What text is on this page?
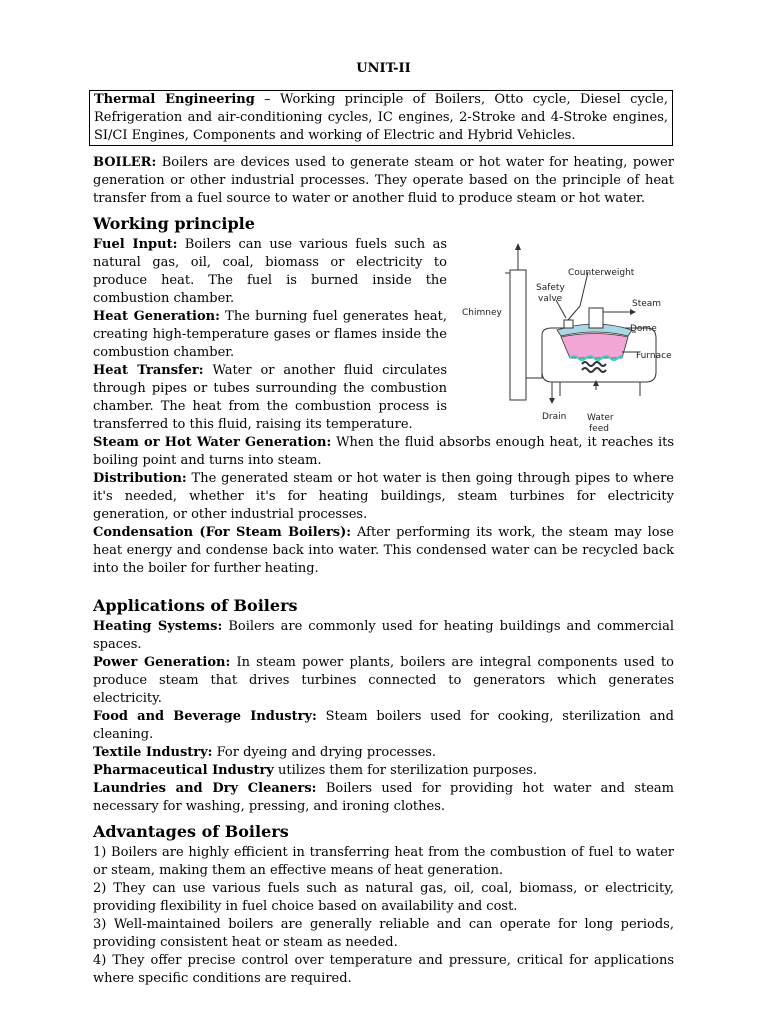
UNIT-II
Thermal Engineering – Working principle of Boilers, Otto cycle, Diesel cycle, Refrigeration and air-conditioning cycles, IC engines, 2-Stroke and 4-Stroke engines, SI/CI Engines, Components and working of Electric and Hybrid Vehicles.

BOILER: Boilers are devices used to generate steam or hot water for heating, power generation or other industrial processes. They operate based on the principle of heat transfer from a fuel source to water or another fluid to produce steam or hot water.

Working principle

Fuel Input: Boilers can use various fuels such as natural gas, oil, coal, biomass or electricity to produce heat. The fuel is burned inside the combustion chamber.

Heat Generation: The burning fuel generates heat, creating high-temperature gases or flames inside the combustion chamber.

Heat Transfer: Water or another fluid circulates through pipes or tubes surrounding the combustion chamber. The heat from the combustion process is transferred to this fluid, raising its temperature.

Counterweight
Safety
valve	Steam
Chimney
Dome
Furnace
Drain Water
feed

Steam or Hot Water Generation: When the fluid absorbs enough heat, it reaches its boiling point and turns into steam.

Distribution: The generated steam or hot water is then going through pipes to where it's needed, whether it's for heating buildings, steam turbines for electricity generation, or other industrial processes.

Condensation (For Steam Boilers): After performing its work, the steam may lose heat energy and condense back into water. This condensed water can be recycled back into the boiler for further heating.

Applications of Boilers

Heating Systems: Boilers are commonly used for heating buildings and commercial spaces.

Power Generation: In steam power plants, boilers are integral components used to produce steam that drives turbines connected to generators which generates electricity.

Food and Beverage Industry: Steam boilers used for cooking, sterilization and cleaning.

Textile Industry: For dyeing and drying processes.

Pharmaceutical Industry utilizes them for sterilization purposes.

Laundries and Dry Cleaners: Boilers used for providing hot water and steam necessary for washing, pressing, and ironing clothes.

Advantages of Boilers

1) Boilers are highly efficient in transferring heat from the combustion of fuel to water or steam, making them an effective means of heat generation.

2) They can use various fuels such as natural gas, oil, coal, biomass, or electricity, providing flexibility in fuel choice based on availability and cost.

3) Well-maintained boilers are generally reliable and can operate for long periods, providing consistent heat or steam as needed.

4) They offer precise control over temperature and pressure, critical for applications where specific conditions are required.
